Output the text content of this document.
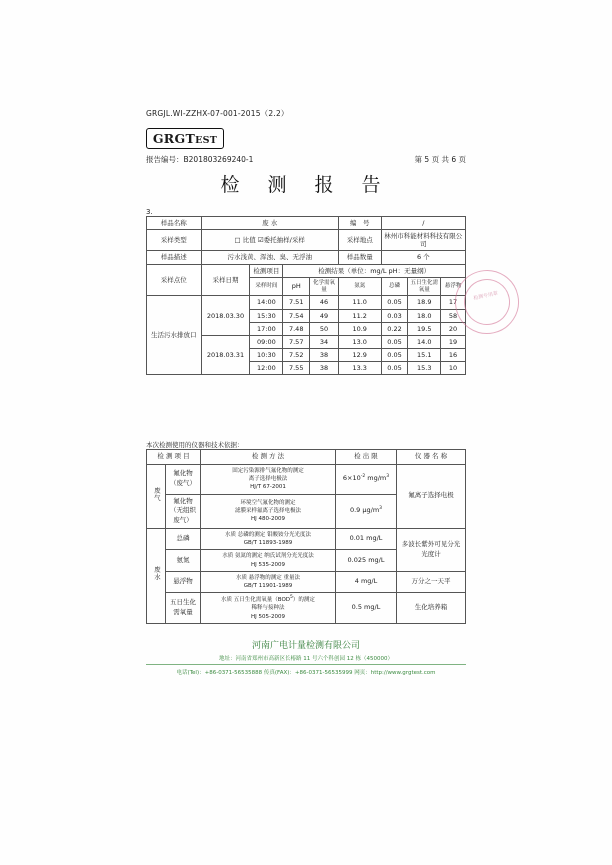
GRGJL.WI-ZZHX-07-001-2015（2.2）
GRGTEST
报告编号：B201803269240-1	第 5 页 共 6 页
检 测 报 告
3.
样品名称	废 水				编　号	/		
采样类型	□ 比值 ☑委托抽样/采样				采样地点	林州市科能材料科技有限公司		
样品描述	污水浅黄、浑浊、臭、无浮油				样品数量	6 个		
采样点位	采样日期	检测项目	检测结果（单位：mg/L pH：无量纲）					
		采样时间	pH	化学需氧量	氨氮	总磷	五日生化需氧量	悬浮物
生活污水排放口	2018.03.30	14:00	7.51	46	11.0	0.05	18.9	17
		15:30	7.54	49	11.2	0.03	18.0	58
		17:00	7.48	50	10.9	0.22	19.5	20
	2018.03.31	09:00	7.57	34	13.0	0.05	14.0	19
		10:30	7.52	38	12.9	0.05	15.1	16
		12:00	7.55	38	13.3	0.05	15.3	10
检测专用章
本次检测使用的仪器和技术依据：
检 测 项 目		检 测 方 法	检 出 限	仪 器 名 称
废气	氟化物（废气）	固定污染源排气氟化物的测定
离子选择电极法
HJ/T 67-2001	$6\times 10^{-2}$ $mg/m^3$	氟离子选择电极
	氟化物（无组织废气）	环境空气氟化物的测定
滤膜采样氟离子选择电极法
HJ 480-2009	0.9 $\mu g/m^3$
废水	总磷	水质 总磷的测定 钼酸铵分光光度法
GB/T 11893-1989	0.01 mg/L	多波长紫外可见分光光度计
	氨氮	水质 氨氮的测定 纳氏试剂分光光度法
HJ 535-2009	0.025 mg/L	
	悬浮物	水质 悬浮物的测定 重量法
GB/T 11901-1989	4 mg/L	万分之一天平
	五日生化需氧量	水质 五日生化需氧量（BOD$^5$）的测定
稀释与接种法
HJ 505-2009	0.5 mg/L	生化培养箱
河南广电计量检测有限公司
地址：河南省郑州市高新区长椿路 11 号六个科创园 12 栋（450000）
电话(Tel)：+86-0371-56535888 传真(FAX)：+86-0371-56535999 网页：http://www.grgtest.com
